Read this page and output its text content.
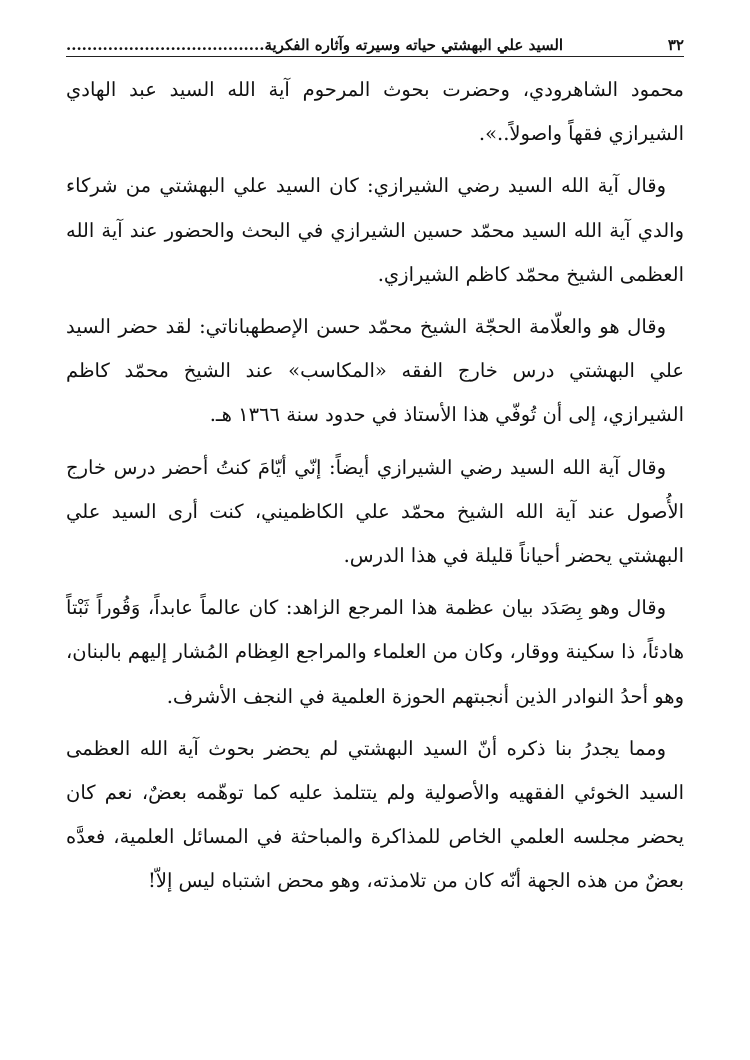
السيد علي البهشتي حياته وسيرته وآثاره الفكرية......................................	٣٢

محمود الشاهرودي، وحضرت بحوث المرحوم آية الله السيد عبد الهادي الشيرازي فقهاً واصولاً..».

وقال آية الله السيد رضي الشيرازي: كان السيد علي البهشتي من شركاء والدي آية الله السيد محمّد حسين الشيرازي في البحث والحضور عند آية الله العظمى الشيخ محمّد كاظم الشيرازي.

وقال هو والعلّامة الحجّة الشيخ محمّد حسن الإصطهباناتي: لقد حضر السيد علي البهشتي درس خارج الفقه «المكاسب» عند الشيخ محمّد كاظم الشيرازي، إلى أن تُوفّي هذا الأستاذ في حدود سنة ١٣٦٦ هـ.

وقال آية الله السيد رضي الشيرازي أيضاً: إنّي أيّامَ كنتُ أحضر درس خارج الأُصول عند آية الله الشيخ محمّد علي الكاظميني، كنت أرى السيد علي البهشتي يحضر أحياناً قليلة في هذا الدرس.

وقال وهو بِصَدَد بيان عظمة هذا المرجع الزاهد: كان عالماً عابداً، وَقُوراً ثَبْتاً هادئاً، ذا سكينة ووقار، وكان من العلماء والمراجع العِظام المُشار إليهم بالبنان، وهو أحدُ النوادر الذين أنجبتهم الحوزة العلمية في النجف الأشرف.

ومما يجدرُ بنا ذكره أنّ السيد البهشتي لم يحضر بحوث آية الله العظمى السيد الخوئي الفقهيه والأصولية ولم يتتلمذ عليه كما توهّمه بعضٌ، نعم كان يحضر مجلسه العلمي الخاص للمذاكرة والمباحثة في المسائل العلمية، فعدَّه بعضٌ من هذه الجهة أنّه كان من تلامذته، وهو محض اشتباه ليس إلاّ!
